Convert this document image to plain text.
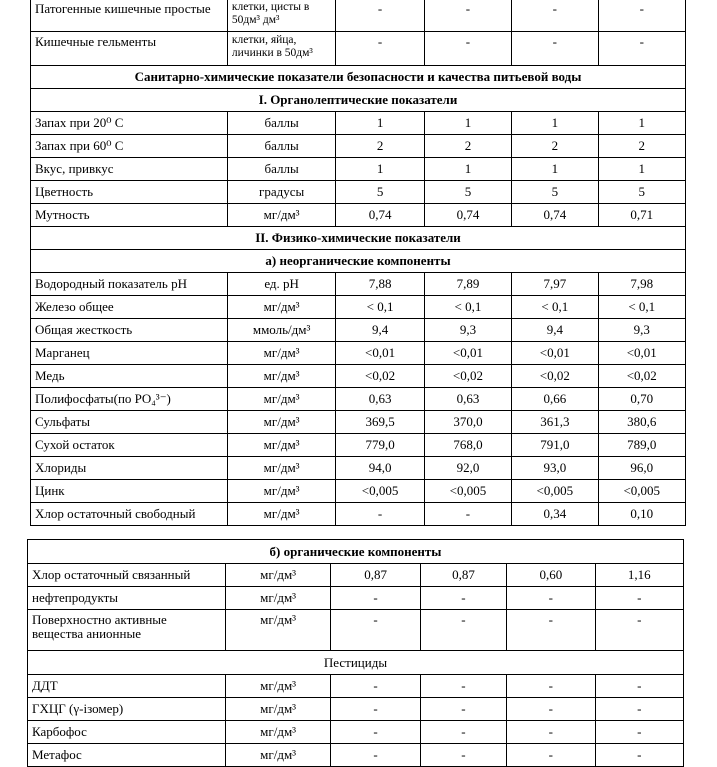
Патогенные кишечные простые	клетки, цисты в 50дм³ дм³	-	-	-	-
Кишечные гельменты	клетки, яйца, личинки в 50дм³	-	-	-	-
Санитарно-химические показатели безопасности и качества питьевой воды					
I. Органолептические показатели					
Запах при 20⁰ С	баллы	1	1	1	1
Запах при 60⁰ С	баллы	2	2	2	2
Вкус, привкус	баллы	1	1	1	1
Цветность	градусы	5	5	5	5
Мутность	мг/дм³	0,74	0,74	0,74	0,71
II. Физико-химические показатели					
а) неорганические компоненты					
Водородный показатель pH	ед. pH	7,88	7,89	7,97	7,98
Железо общее	мг/дм³	< 0,1	< 0,1	< 0,1	< 0,1
Общая жесткость	ммоль/дм³	9,4	9,3	9,4	9,3
Марганец	мг/дм³	<0,01	<0,01	<0,01	<0,01
Медь	мг/дм³	<0,02	<0,02	<0,02	<0,02
Полифосфаты(по PO₄³⁻)	мг/дм³	0,63	0,63	0,66	0,70
Сульфаты	мг/дм³	369,5	370,0	361,3	380,6
Сухой остаток	мг/дм³	779,0	768,0	791,0	789,0
Хлориды	мг/дм³	94,0	92,0	93,0	96,0
Цинк	мг/дм³	<0,005	<0,005	<0,005	<0,005
Хлор остаточный свободный	мг/дм³	-	-	0,34	0,10
б) органические компоненты					
Хлор остаточный связанный	мг/дм³	0,87	0,87	0,60	1,16
нефтепродукты	мг/дм³	-	-	-	-
Поверхностно активные вещества анионные	мг/дм³	-	-	-	-
Пестициды					
ДДТ	мг/дм³	-	-	-	-
ГХЦГ (γ-ізомер)	мг/дм³	-	-	-	-
Карбофос	мг/дм³	-	-	-	-
Метафос	мг/дм³	-	-	-	-
